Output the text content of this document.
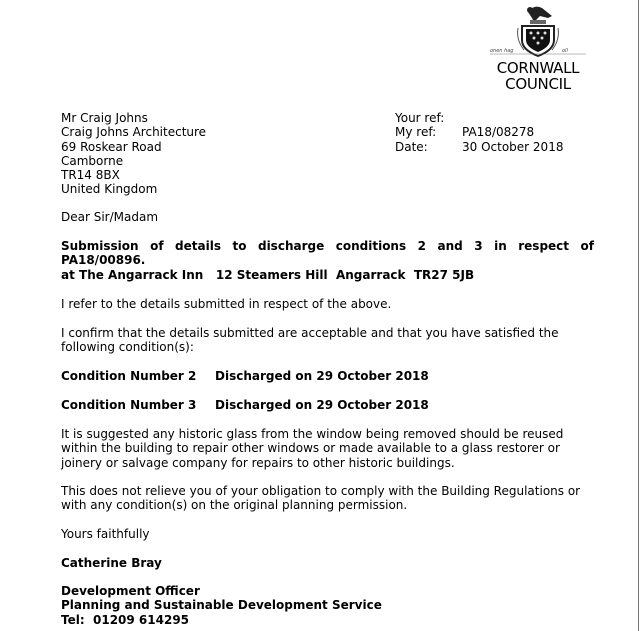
onen hag	oll
CORNWALL
COUNCIL
Mr Craig Johns
Craig Johns Architecture
69 Roskear Road
Camborne
TR14 8BX
United Kingdom
Your ref:
My ref:	PA18/08278
Date:	30 October 2018
Dear Sir/Madam
Submission of details to discharge conditions 2 and 3 in respect of
PA18/00896.
at The Angarrack Inn   12 Steamers Hill  Angarrack  TR27 5JB
I refer to the details submitted in respect of the above.
I confirm that the details submitted are acceptable and that you have satisfied the
following condition(s):
Condition Number 2 Discharged on 29 October 2018
Condition Number 3 Discharged on 29 October 2018
It is suggested any historic glass from the window being removed should be reused
within the building to repair other windows or made available to a glass restorer or
joinery or salvage company for repairs to other historic buildings.
This does not relieve you of your obligation to comply with the Building Regulations or
with any condition(s) on the original planning permission.
Yours faithfully
Catherine Bray
Development Officer
Planning and Sustainable Development Service
Tel:  01209 614295
